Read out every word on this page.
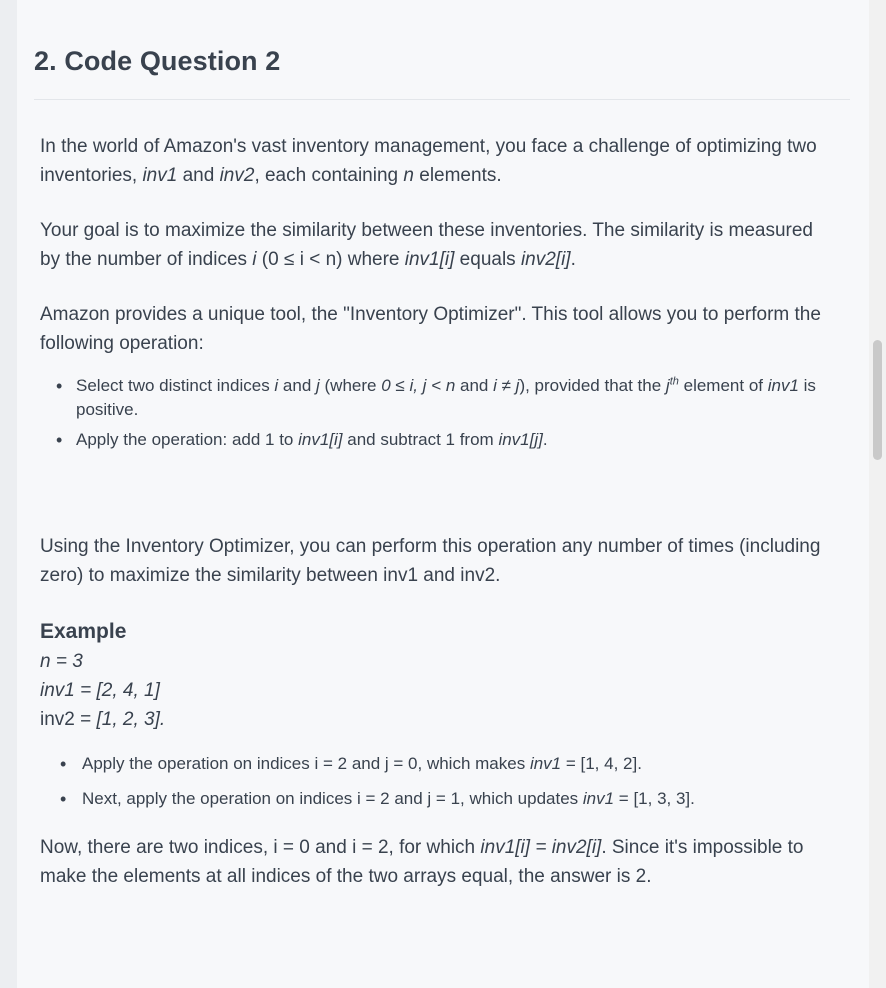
2. Code Question 2

In the world of Amazon's vast inventory management, you face a challenge of optimizing two inventories, inv1 and inv2, each containing n elements.

Your goal is to maximize the similarity between these inventories. The similarity is measured by the number of indices i (0 ≤ i < n) where inv1[i] equals inv2[i].

Amazon provides a unique tool, the "Inventory Optimizer". This tool allows you to perform the following operation:

• Select two distinct indices i and j (where 0 ≤ i, j < n and i ≠ j), provided that the $j^{th}$ element of inv1 is positive.
• Apply the operation: add 1 to inv1[i] and subtract 1 from inv1[j].

Using the Inventory Optimizer, you can perform this operation any number of times (including zero) to maximize the similarity between inv1 and inv2.

Example
n = 3
inv1 = [2, 4, 1]
inv2 = [1, 2, 3].
• Apply the operation on indices i = 2 and j = 0, which makes inv1 = [1, 4, 2].
• Next, apply the operation on indices i = 2 and j = 1, which updates inv1 = [1, 3, 3].

Now, there are two indices, i = 0 and i = 2, for which inv1[i] = inv2[i]. Since it's impossible to make the elements at all indices of the two arrays equal, the answer is 2.
